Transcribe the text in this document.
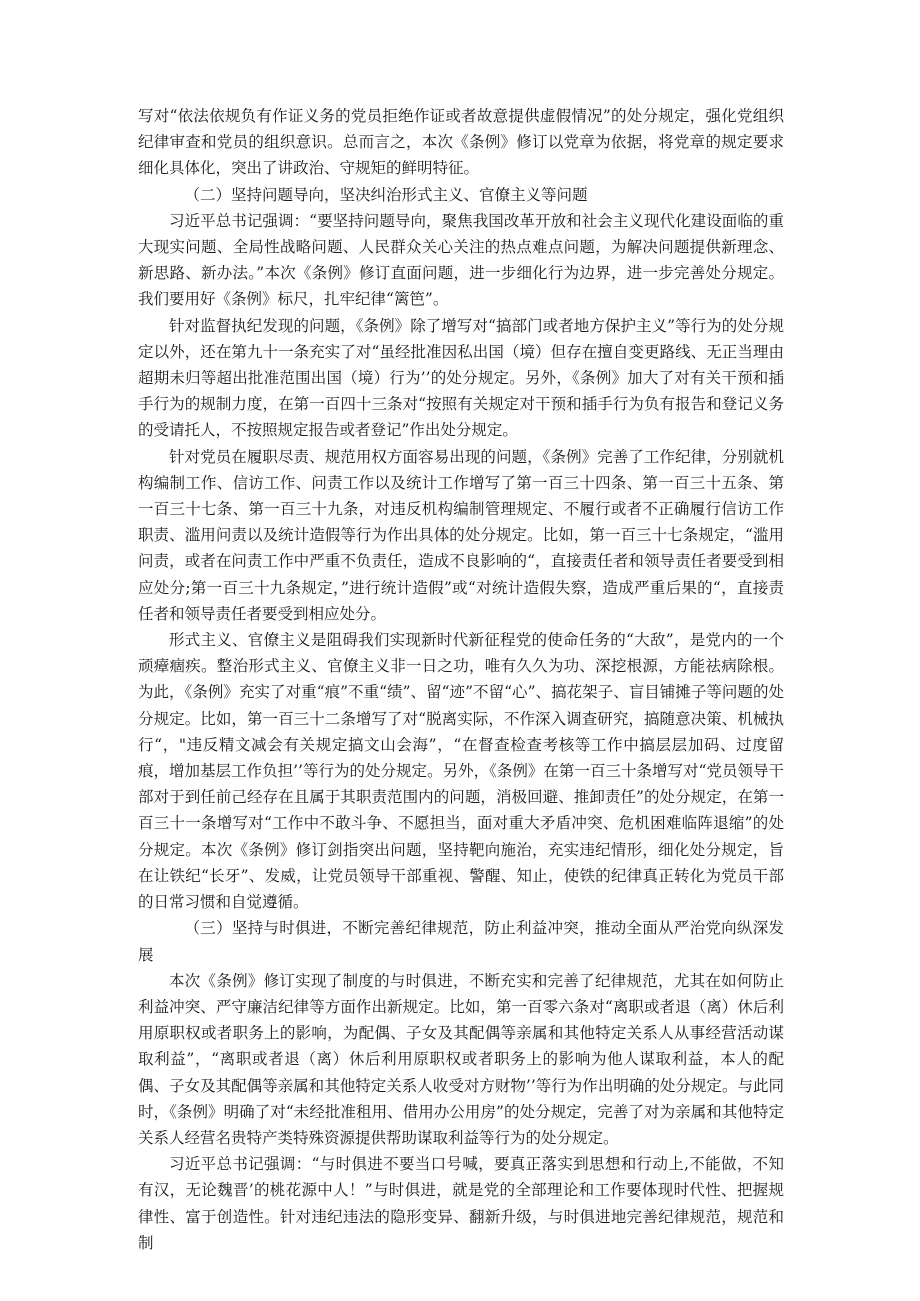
写对“依法依规负有作证义务的党员拒绝作证或者故意提供虚假情况”的处分规定，强化党组织纪律审查和党员的组织意识。总而言之，本次《条例》修订以党章为依据，将党章的规定要求细化具体化，突出了讲政治、守规矩的鲜明特征。

（二）坚持问题导向，坚决纠治形式主义、官僚主义等问题

习近平总书记强调：“要坚持问题导向，聚焦我国改革开放和社会主义现代化建设面临的重大现实问题、全局性战略问题、人民群众关心关注的热点难点问题，为解决问题提供新理念、新思路、新办法。”本次《条例》修订直面问题，进一步细化行为边界，进一步完善处分规定。我们要用好《条例》标尺，扎牢纪律“篱笆”。

针对监督执纪发现的问题，《条例》除了增写对“搞部门或者地方保护主义”等行为的处分规定以外，还在第九十一条充实了对“虽经批准因私出国（境）但存在擅自变更路线、无正当理由超期未归等超出批准范围出国（境）行为’’的处分规定。另外，《条例》加大了对有关干预和插手行为的规制力度，在第一百四十三条对“按照有关规定对干预和插手行为负有报告和登记义务的受请托人，不按照规定报告或者登记”作出处分规定。

针对党员在履职尽责、规范用权方面容易出现的问题，《条例》完善了工作纪律，分别就机构编制工作、信访工作、问责工作以及统计工作增写了第一百三十四条、第一百三十五条、第一百三十七条、第一百三十九条，对违反机构编制管理规定、不履行或者不正确履行信访工作职责、滥用问责以及统计造假等行为作出具体的处分规定。比如，第一百三十七条规定，“滥用问责，或者在问责工作中严重不负责任，造成不良影响的“，直接责任者和领导责任者要受到相应处分;第一百三十九条规定，”进行统计造假”或“对统计造假失察，造成严重后果的“，直接责任者和领导责任者要受到相应处分。

形式主义、官僚主义是阻碍我们实现新时代新征程党的使命任务的“大敌”，是党内的一个顽瘴痼疾。整治形式主义、官僚主义非一日之功，唯有久久为功、深挖根源，方能祛病除根。为此，《条例》充实了对重“痕”不重“绩”、留“迹”不留“心”、搞花架子、盲目铺摊子等问题的处分规定。比如，第一百三十二条增写了对“脱离实际，不作深入调查研究，搞随意决策、机械执行“，"违反精文减会有关规定搞文山会海”，“在督查检查考核等工作中搞层层加码、过度留痕，增加基层工作负担’’等行为的处分规定。另外，《条例》在第一百三十条增写对“党员领导干部对于到任前己经存在且属于其职责范围内的问题，消极回避、推卸责任”的处分规定，在第一百三十一条增写对“工作中不敢斗争、不愿担当，面对重大矛盾冲突、危机困难临阵退缩”的处分规定。本次《条例》修订剑指突出问题，坚持靶向施治，充实违纪情形，细化处分规定，旨在让铁纪“长牙”、发威，让党员领导干部重视、警醒、知止，使铁的纪律真正转化为党员干部的日常习惯和自觉遵循。

（三）坚持与时俱进，不断完善纪律规范，防止利益冲突，推动全面从严治党向纵深发展

本次《条例》修订实现了制度的与时俱进，不断充实和完善了纪律规范，尤其在如何防止利益冲突、严守廉洁纪律等方面作出新规定。比如，第一百零六条对“离职或者退（离）休后利用原职权或者职务上的影响，为配偶、子女及其配偶等亲属和其他特定关系人从事经营活动谋取利益”，“离职或者退（离）休后利用原职权或者职务上的影响为他人谋取利益，本人的配偶、子女及其配偶等亲属和其他特定关系人收受对方财物’’等行为作出明确的处分规定。与此同时，《条例》明确了对“未经批准租用、借用办公用房”的处分规定，完善了对为亲属和其他特定关系人经营名贵特产类特殊资源提供帮助谋取利益等行为的处分规定。

习近平总书记强调：“与时俱进不要当口号喊，要真正落实到思想和行动上,不能做，不知有汉，无论魏晋’的桃花源中人！”与时俱进，就是党的全部理论和工作要体现时代性、把握规律性、富于创造性。针对违纪违法的隐形变异、翻新升级，与时俱进地完善纪律规范，规范和制
